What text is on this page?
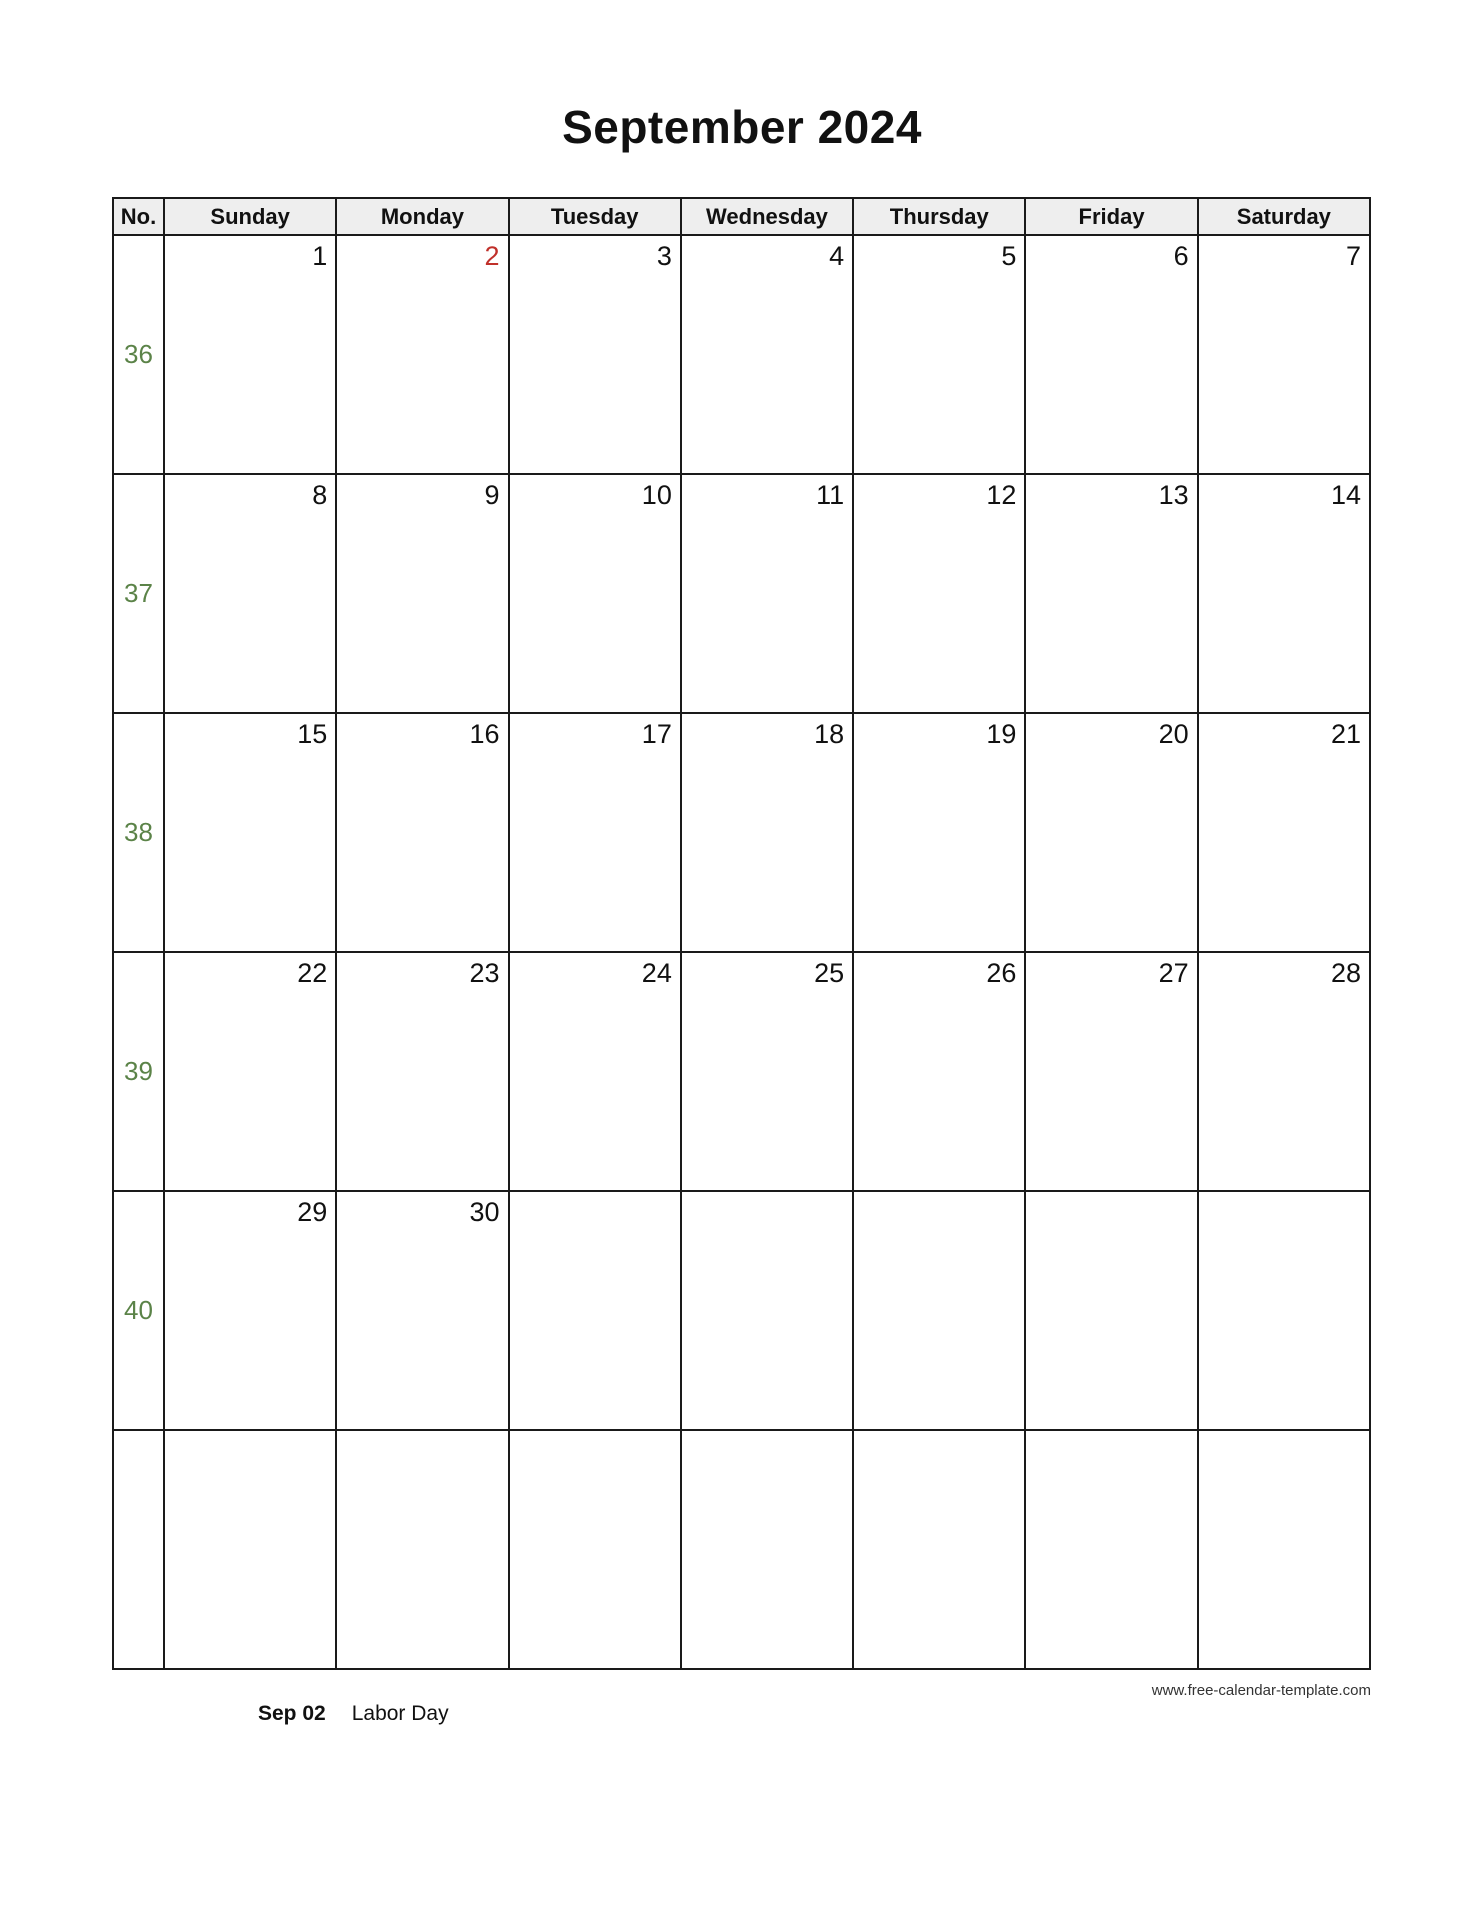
September 2024
No.	Sunday	Monday	Tuesday	Wednesday	Thursday	Friday	Saturday
36	1	2	3	4	5	6	7
37	8	9	10	11	12	13	14
38	15	16	17	18	19	20	21
39	22	23	24	25	26	27	28
40	29	30					

www.free-calendar-template.com
Sep 02 Labor Day
